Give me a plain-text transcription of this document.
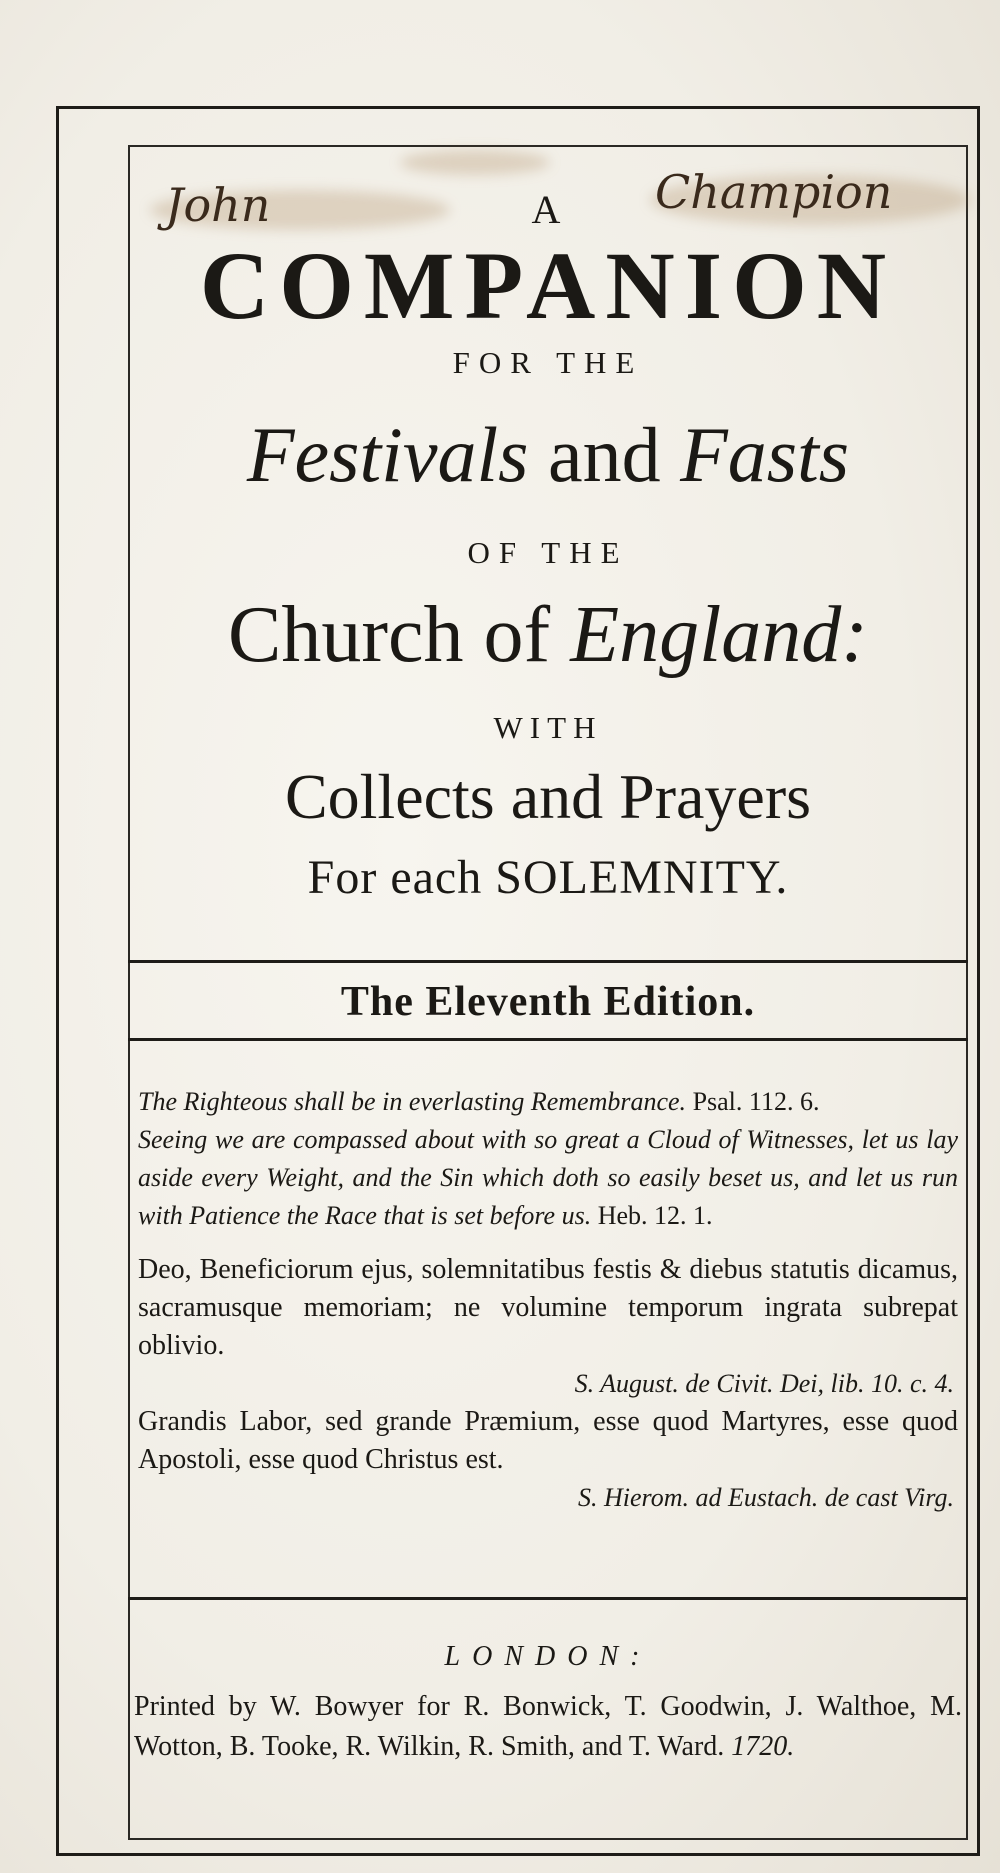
John	Champion
A
COMPANION
FOR THE
Festivals and Fasts
OF THE
Church of England:
WITH
Collects and Prayers
For each SOLEMNITY.
The Eleventh Edition.
The Righteous shall be in everlasting Remembrance. Psal. 112. 6.
Seeing we are compassed about with so great a Cloud of Witnesses, let us lay aside every Weight, and the Sin which doth so easily beset us, and let us run with Patience the Race that is set before us. Heb. 12. 1.
Deo, Beneficiorum ejus, solemnitatibus festis & diebus statutis dicamus, sacramusque memoriam; ne volumine temporum ingrata subrepat oblivio.
S. August. de Civit. Dei, lib. 10. c. 4.
Grandis Labor, sed grande Præmium, esse quod Martyres, esse quod Apostoli, esse quod Christus est.
S. Hierom. ad Eustach. de cast Virg.
LONDON:
Printed by W. Bowyer for R. Bonwick, T. Goodwin, J. Walthoe, M. Wotton, B. Tooke, R. Wilkin, R. Smith, and T. Ward. 1720.
